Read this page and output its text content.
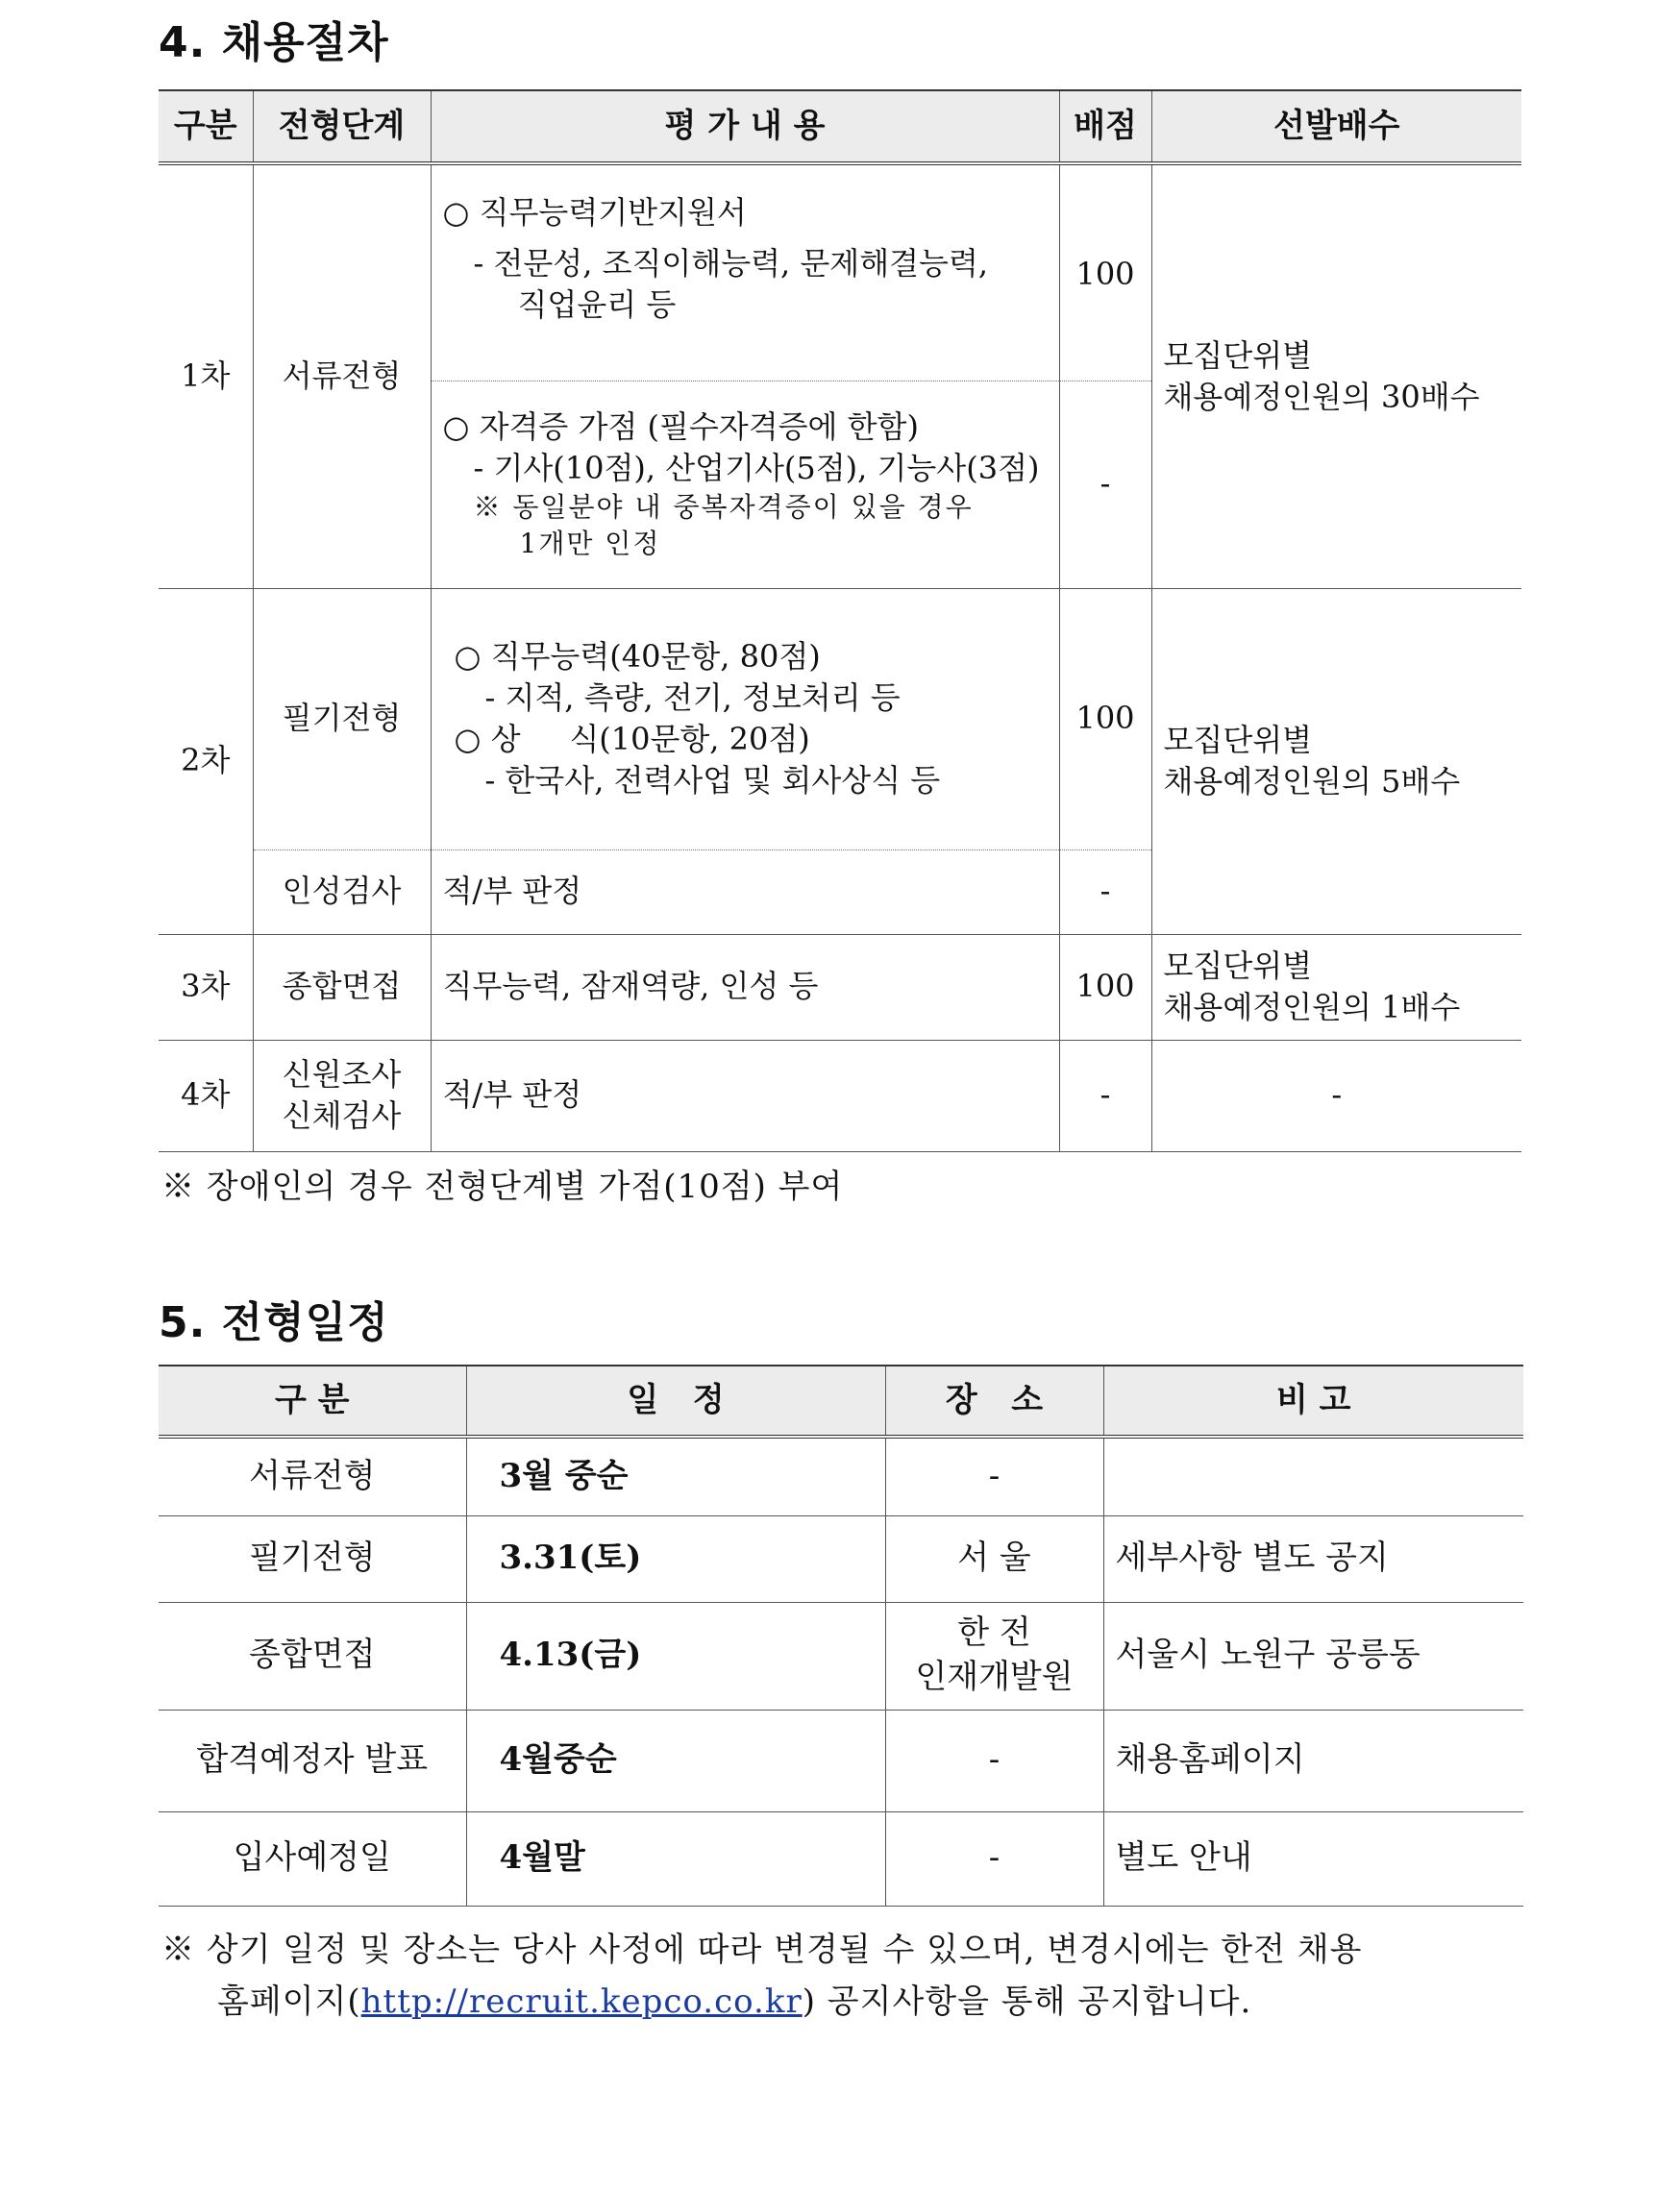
4. 채용절차
구분	전형단계	평 가 내 용	배점	선발배수
1차	서류전형	○ 직무능력기반지원서
- 전문성, 조직이해능력, 문제해결능력,
직업윤리 등	100	모집단위별
채용예정인원의 30배수

		○ 자격증 가점 (필수자격증에 한함)
- 기사(10점), 산업기사(5점), 기능사(3점)
※ 동일분야 내 중복자격증이 있을 경우
1개만 인정	-	
2차	필기전형	○ 직무능력(40문항, 80점)
- 지적, 측량, 전기, 정보처리 등
○ 상     식(10문항, 20점)
- 한국사, 전력사업 및 회사상식 등	100	모집단위별
채용예정인원의 5배수

	인성검사	적/부 판정	-	
3차	종합면접	직무능력, 잠재역량, 인성 등	100	모집단위별
채용예정인원의 1배수

4차	신원조사
신체검사	적/부 판정	-	-
※ 장애인의 경우 전형단계별 가점(10점) 부여
5. 전형일정
구 분	일   정	장   소	비 고
서류전형	3월 중순	-	
필기전형	3.31(토)	서 울	세부사항 별도 공지
종합면접	4.13(금)	한 전
인재개발원	서울시 노원구 공릉동
합격예정자 발표	4월중순	-	채용홈페이지
입사예정일	4월말	-	별도 안내
※ 상기 일정 및 장소는 당사 사정에 따라 변경될 수 있으며, 변경시에는 한전 채용
홈페이지(http://recruit.kepco.co.kr) 공지사항을 통해 공지합니다.
